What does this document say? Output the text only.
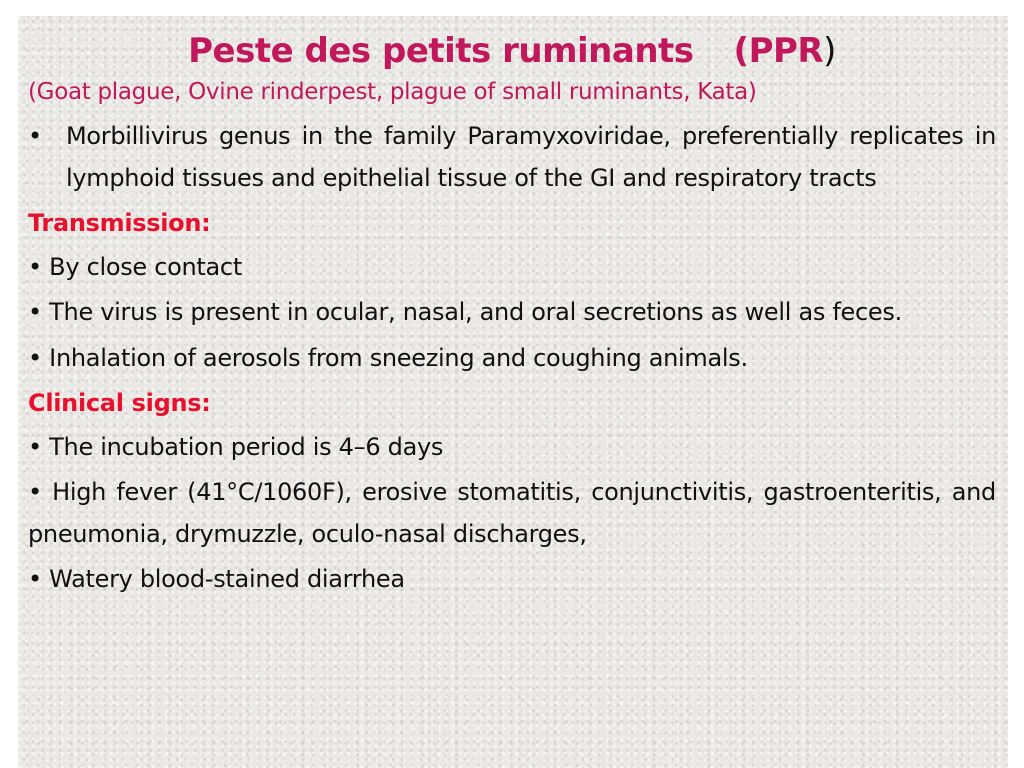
Peste des petits ruminants (PPR)

(Goat plague, Ovine rinderpest, plague of small ruminants, Kata)

• Morbillivirus genus in the family Paramyxoviridae, preferentially replicates in lymphoid tissues and epithelial tissue of the GI and respiratory tracts

Transmission:

• By close contact

• The virus is present in ocular, nasal, and oral secretions as well as feces.

• Inhalation of aerosols from sneezing and coughing animals.

Clinical signs:

• The incubation period is 4–6 days

• High fever (41°C/1060F), erosive stomatitis, conjunctivitis, gastroenteritis, and pneumonia, drymuzzle, oculo-nasal discharges,

• Watery blood-stained diarrhea
